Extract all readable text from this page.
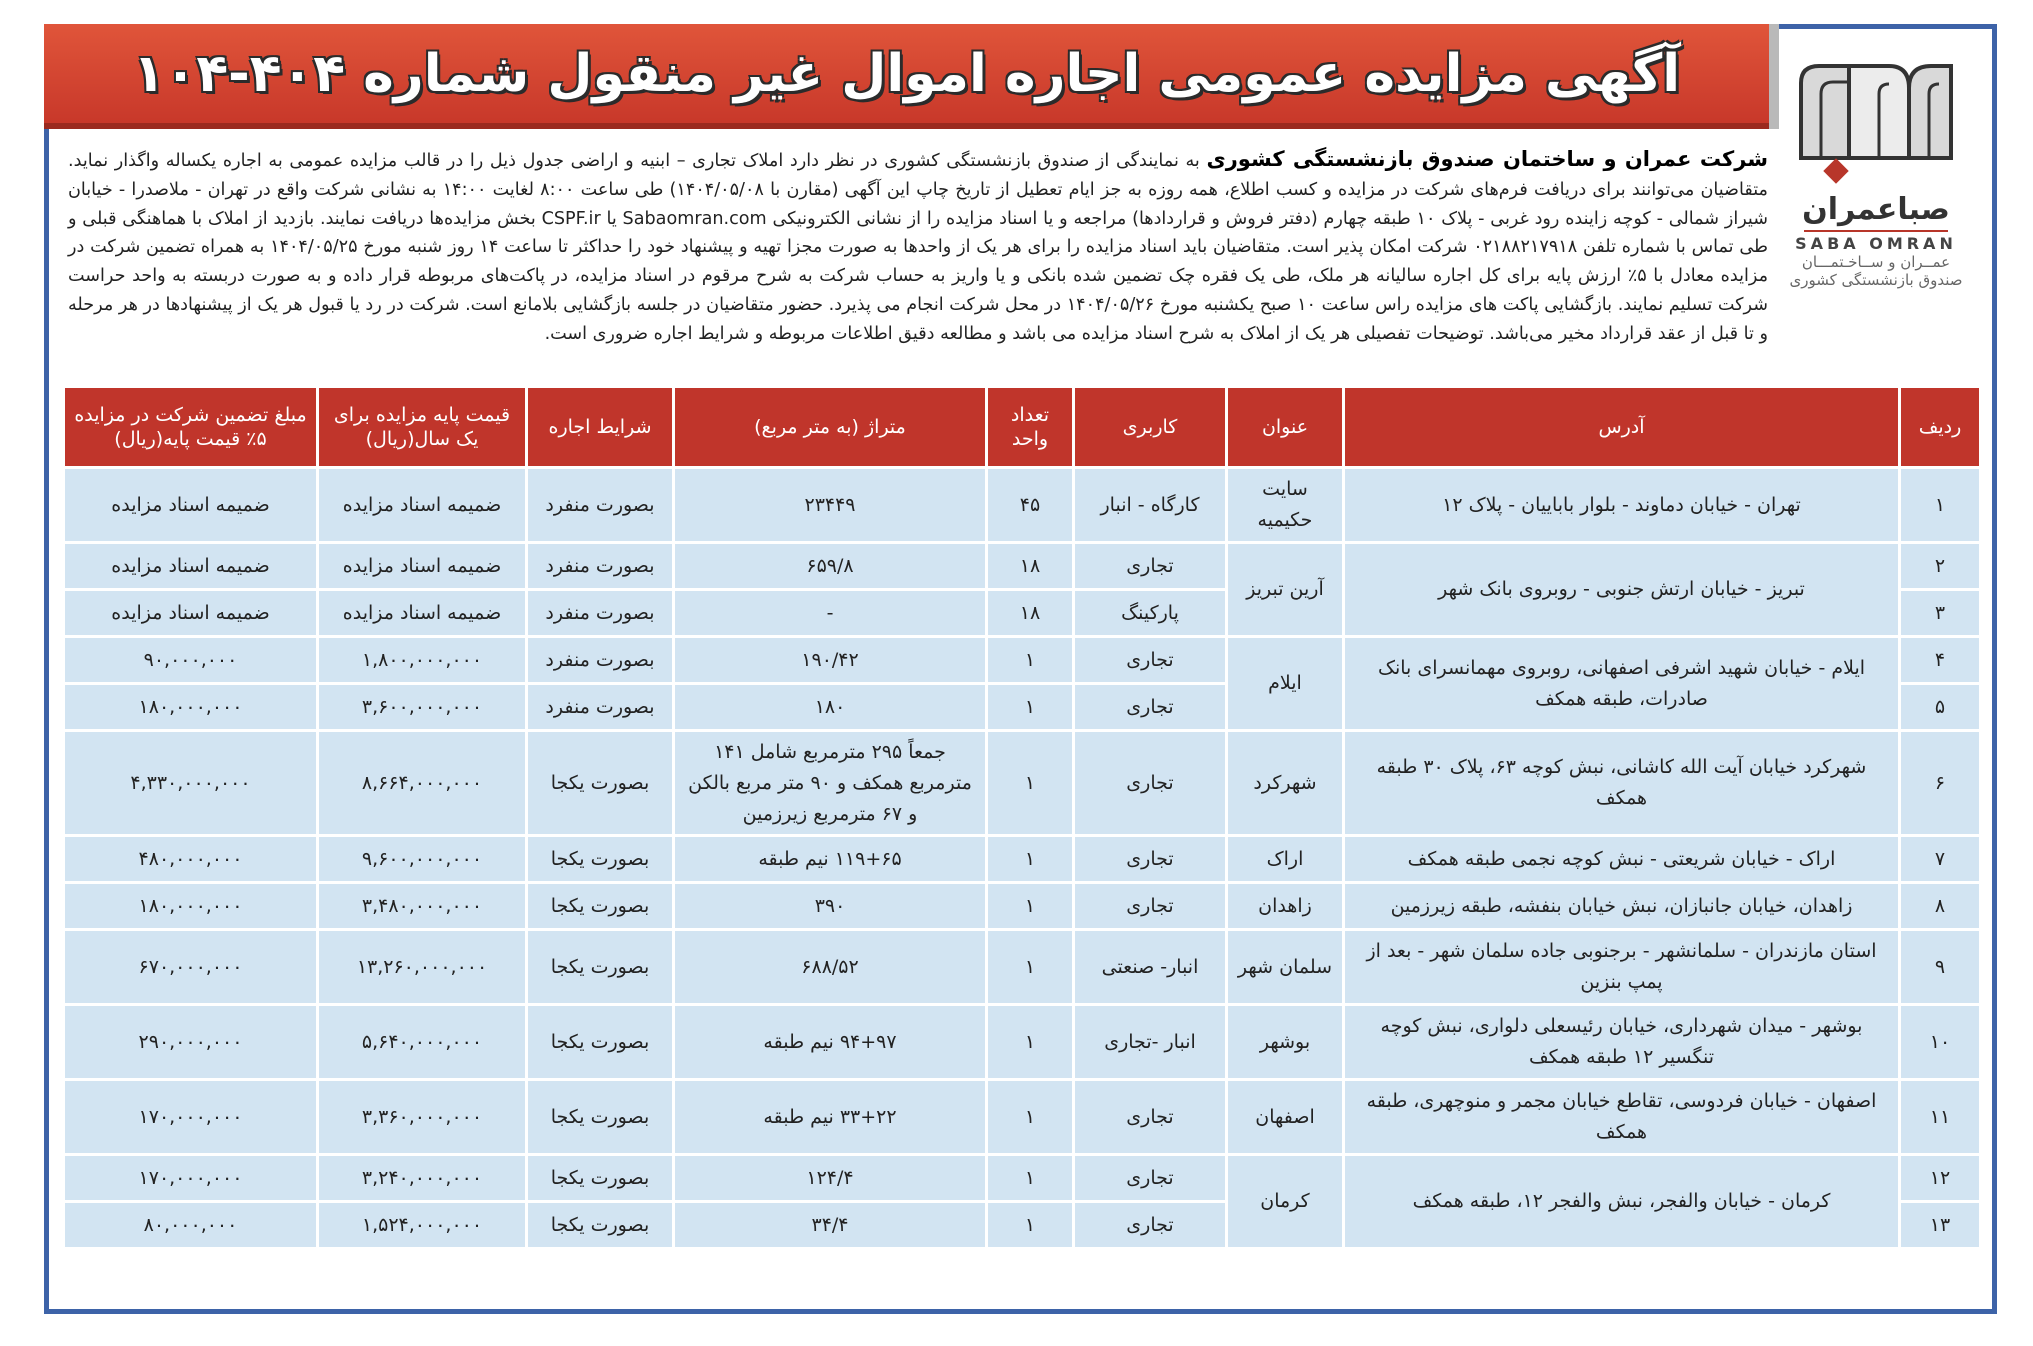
آگهی مزایده عمومی اجاره اموال غیر منقول شماره ۴۰۴-۱۰۴
صباعمران
SABA OMRAN
عمــران و ســاخـتمـــان
صندوق بازنشستگی کشوری
شرکت عمران و ساختمان صندوق بازنشستگی کشوری به نمایندگی از صندوق بازنشستگی کشوری در نظر دارد املاک تجاری – ابنیه و اراضی جدول ذیل را در قالب مزایده عمومی به اجاره یکساله واگذار نماید. متقاضیان می‌توانند برای دریافت فرم‌های شرکت در مزایده و کسب اطلاع، همه روزه به جز ایام تعطیل از تاریخ چاپ این آگهی (مقارن با ۱۴۰۴/۰۵/۰۸) طی ساعت ۸:۰۰ لغایت ۱۴:۰۰ به نشانی شرکت واقع در تهران - ملاصدرا - خیابان شیراز شمالی - کوچه زاینده رود غربی - پلاک ۱۰ طبقه چهارم (دفتر فروش و قراردادها) مراجعه و یا اسناد مزایده را از نشانی الکترونیکی Sabaomran.com یا CSPF.ir بخش مزایده‌ها دریافت نمایند. بازدید از املاک با هماهنگی قبلی و طی تماس با شماره تلفن ۰۲۱۸۸۲۱۷۹۱۸ شرکت امکان پذیر است. متقاضیان باید اسناد مزایده را برای هر یک از واحدها به صورت مجزا تهیه و پیشنهاد خود را حداکثر تا ساعت ۱۴ روز شنبه مورخ ۱۴۰۴/۰۵/۲۵ به همراه تضمین شرکت در مزایده معادل با ۵٪ ارزش پایه برای کل اجاره سالیانه هر ملک، طی یک فقره چک تضمین شده بانکی و یا واریز به حساب شرکت به شرح مرقوم در اسناد مزایده، در پاکت‌های مربوطه قرار داده و به صورت دربسته به واحد حراست شرکت تسلیم نمایند. بازگشایی پاکت های مزایده راس ساعت ۱۰ صبح یکشنبه مورخ ۱۴۰۴/۰۵/۲۶ در محل شرکت انجام می پذیرد. حضور متقاضیان در جلسه بازگشایی بلامانع است. شرکت در رد یا قبول هر یک از پیشنهادها در هر مرحله و تا قبل از عقد قرارداد مخیر می‌باشد. توضیحات تفصیلی هر یک از املاک به شرح اسناد مزایده می باشد و مطالعه دقیق اطلاعات مربوطه و شرایط اجاره ضروری است.
ردیف	آدرس	عنوان	کاربری	تعداد واحد	متراژ (به متر مربع)	شرایط اجاره	قیمت پایه مزایده برای یک سال(ریال)	مبلغ تضمین شرکت در مزایده ۵٪ قیمت پایه(ریال)
۱	تهران - خیابان دماوند - بلوار باباییان - پلاک ۱۲	سایت حکیمیه	کارگاه - انبار	۴۵	۲۳۴۴۹	بصورت منفرد	ضمیمه اسناد مزایده	ضمیمه اسناد مزایده
۲	تبریز - خیابان ارتش جنوبی - روبروی بانک شهر	آرین تبریز	تجاری	۱۸	۶۵۹/۸	بصورت منفرد	ضمیمه اسناد مزایده	ضمیمه اسناد مزایده
۳			پارکینگ	۱۸	-	بصورت منفرد	ضمیمه اسناد مزایده	ضمیمه اسناد مزایده
۴	ایلام - خیابان شهید اشرفی اصفهانی، روبروی مهمانسرای بانک صادرات، طبقه همکف	ایلام	تجاری	۱	۱۹۰/۴۲	بصورت منفرد	۱,۸۰۰,۰۰۰,۰۰۰	۹۰,۰۰۰,۰۰۰
۵			تجاری	۱	۱۸۰	بصورت منفرد	۳,۶۰۰,۰۰۰,۰۰۰	۱۸۰,۰۰۰,۰۰۰
۶	شهرکرد خیابان آیت الله کاشانی، نبش کوچه ۶۳، پلاک ۳۰ طبقه همکف	شهرکرد	تجاری	۱	جمعاً ۲۹۵ مترمربع شامل ۱۴۱ مترمربع همکف و ۹۰ متر مربع بالکن و ۶۷ مترمربع زیرزمین	بصورت یکجا	۸,۶۶۴,۰۰۰,۰۰۰	۴,۳۳۰,۰۰۰,۰۰۰
۷	اراک - خیابان شریعتی - نبش کوچه نجمی طبقه همکف	اراک	تجاری	۱	۱۱۹+۶۵ نیم طبقه	بصورت یکجا	۹,۶۰۰,۰۰۰,۰۰۰	۴۸۰,۰۰۰,۰۰۰
۸	زاهدان، خیابان جانبازان، نبش خیابان بنفشه، طبقه زیرزمین	زاهدان	تجاری	۱	۳۹۰	بصورت یکجا	۳,۴۸۰,۰۰۰,۰۰۰	۱۸۰,۰۰۰,۰۰۰
۹	استان مازندران - سلمانشهر - برجنوبی جاده سلمان شهر - بعد از پمپ بنزین	سلمان شهر	انبار- صنعتی	۱	۶۸۸/۵۲	بصورت یکجا	۱۳,۲۶۰,۰۰۰,۰۰۰	۶۷۰,۰۰۰,۰۰۰
۱۰	بوشهر - میدان شهرداری، خیابان رئیسعلی دلواری، نبش کوچه تنگسیر ۱۲ طبقه همکف	بوشهر	انبار -تجاری	۱	۹۴+۹۷ نیم طبقه	بصورت یکجا	۵,۶۴۰,۰۰۰,۰۰۰	۲۹۰,۰۰۰,۰۰۰
۱۱	اصفهان - خیابان فردوسی، تقاطع خیابان مجمر و منوچهری، طبقه همکف	اصفهان	تجاری	۱	۳۳+۲۲ نیم طبقه	بصورت یکجا	۳,۳۶۰,۰۰۰,۰۰۰	۱۷۰,۰۰۰,۰۰۰
۱۲	کرمان - خیابان والفجر، نبش والفجر ۱۲، طبقه همکف	کرمان	تجاری	۱	۱۲۴/۴	بصورت یکجا	۳,۲۴۰,۰۰۰,۰۰۰	۱۷۰,۰۰۰,۰۰۰
۱۳			تجاری	۱	۳۴/۴	بصورت یکجا	۱,۵۲۴,۰۰۰,۰۰۰	۸۰,۰۰۰,۰۰۰
